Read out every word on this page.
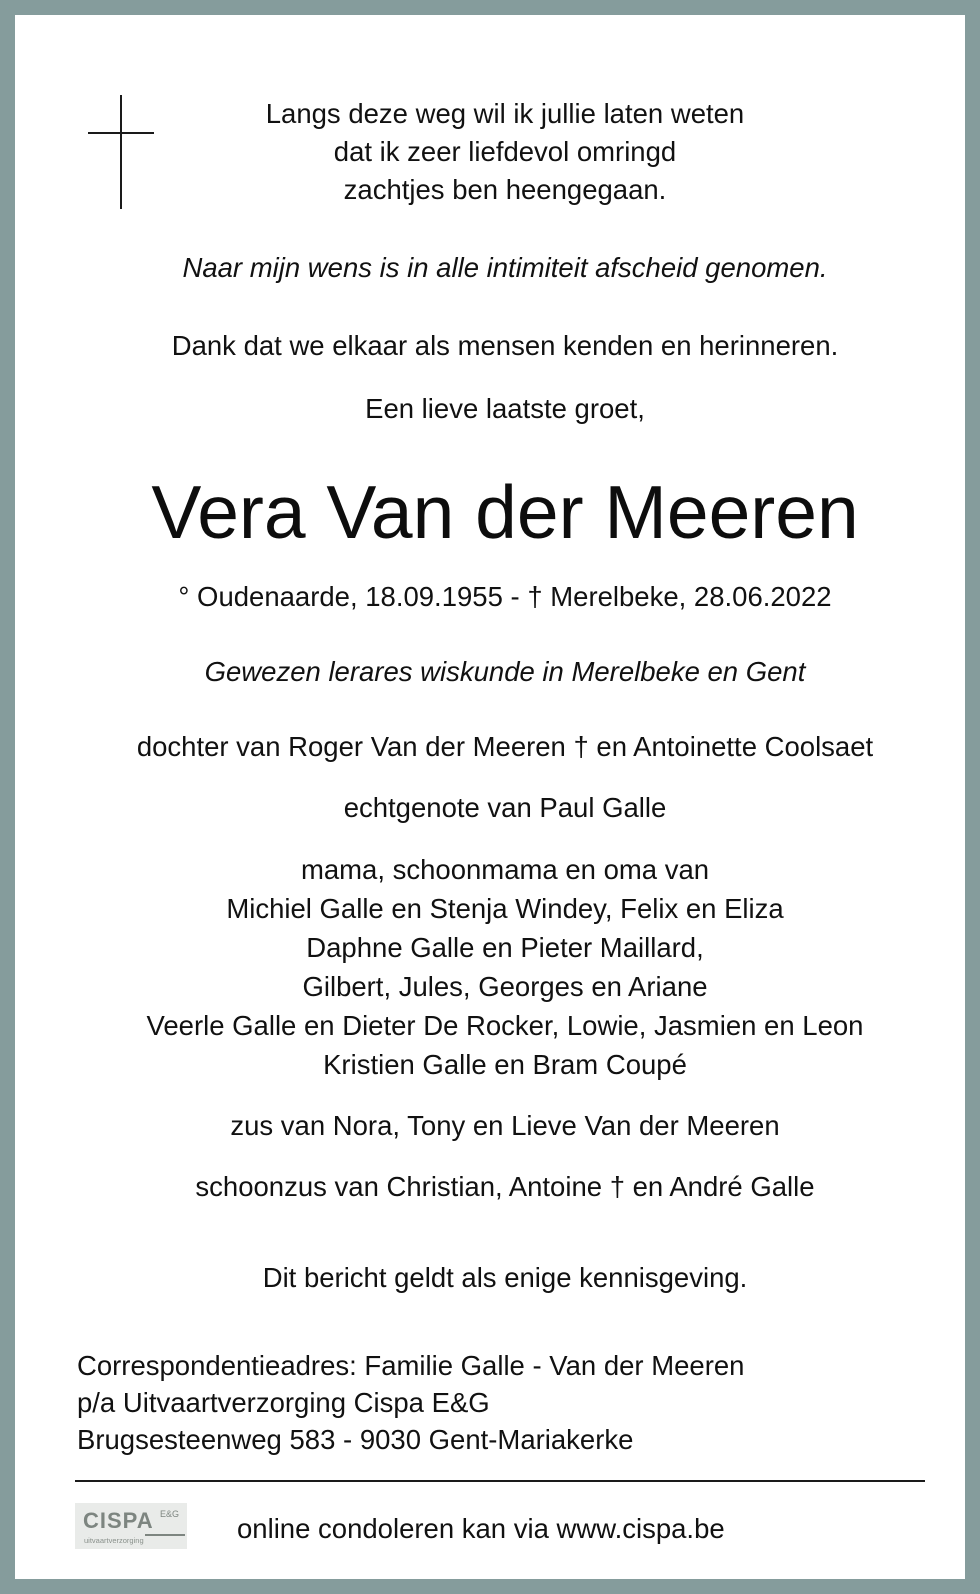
Langs deze weg wil ik jullie laten weten
dat ik zeer liefdevol omringd
zachtjes ben heengegaan.
Naar mijn wens is in alle intimiteit afscheid genomen.
Dank dat we elkaar als mensen kenden en herinneren.
Een lieve laatste groet,
Vera Van der Meeren
° Oudenaarde, 18.09.1955 - † Merelbeke, 28.06.2022
Gewezen lerares wiskunde in Merelbeke en Gent
dochter van Roger Van der Meeren † en Antoinette Coolsaet
echtgenote van Paul Galle
mama, schoonmama en oma van
Michiel Galle en Stenja Windey, Felix en Eliza
Daphne Galle en Pieter Maillard,
Gilbert, Jules, Georges en Ariane
Veerle Galle en Dieter De Rocker, Lowie, Jasmien en Leon
Kristien Galle en Bram Coupé
zus van Nora, Tony en Lieve Van der Meeren
schoonzus van Christian, Antoine † en André Galle
Dit bericht geldt als enige kennisgeving.
Correspondentieadres: Familie Galle - Van der Meeren
p/a Uitvaartverzorging Cispa E&G
Brugsesteenweg 583 - 9030 Gent-Mariakerke
CISPA E&G
uitvaartverzorging	online condoleren kan via www.cispa.be
